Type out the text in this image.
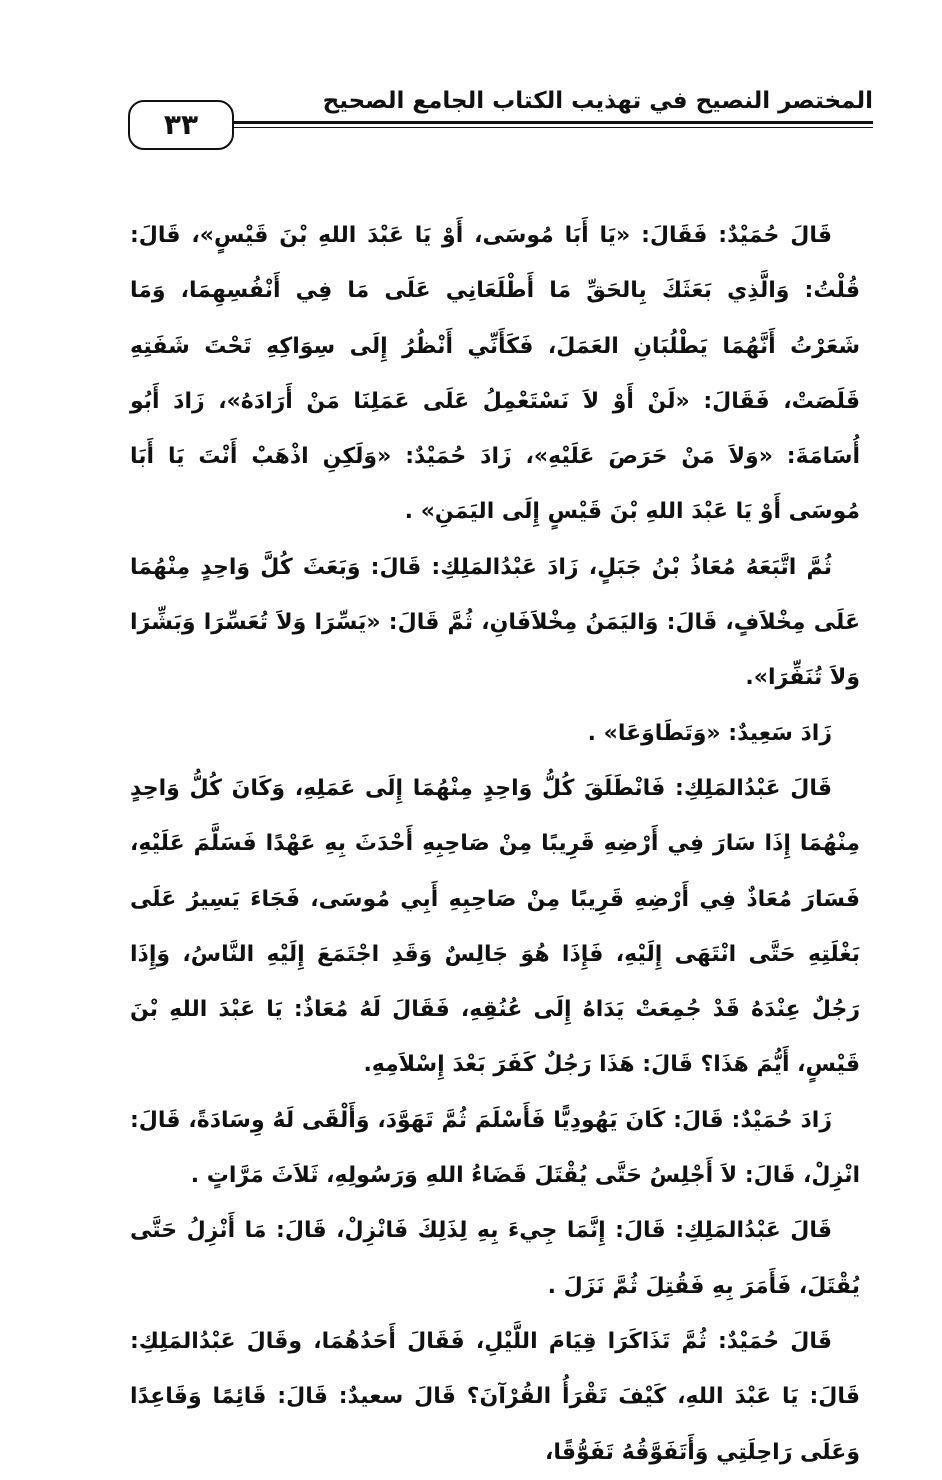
المختصر النصيح في تهذيب الكتاب الجامع الصحيح
٣٣

قَالَ حُمَيْدٌ: فَقَالَ: «يَا أَبَا مُوسَى، أَوْ يَا عَبْدَ اللهِ بْنَ قَيْسٍ»، قَالَ: قُلْتُ: وَالَّذِي بَعَثَكَ بِالحَقِّ مَا أَطْلَعَانِي عَلَى مَا فِي أَنْفُسِهِمَا، وَمَا شَعَرْتُ أَنَّهُمَا يَطْلُبَانِ العَمَلَ، فَكَأَنِّي أَنْظُرُ إِلَى سِوَاكِهِ تَحْتَ شَفَتِهِ قَلَصَتْ، فَقَالَ: «لَنْ أَوْ لاَ نَسْتَعْمِلُ عَلَى عَمَلِنَا مَنْ أَرَادَهُ»، زَادَ أَبُو أُسَامَةَ: «وَلاَ مَنْ حَرَصَ عَلَيْهِ»، زَادَ حُمَيْدٌ: «وَلَكِنِ اذْهَبْ أَنْتَ يَا أَبَا مُوسَى أَوْ يَا عَبْدَ اللهِ بْنَ قَيْسٍ إِلَى اليَمَنِ» .

ثُمَّ اتَّبَعَهُ مُعَاذُ بْنُ جَبَلٍ، زَادَ عَبْدُالمَلِكِ: قَالَ: وَبَعَثَ كُلَّ وَاحِدٍ مِنْهُمَا عَلَى مِخْلاَفٍ، قَالَ: وَاليَمَنُ مِخْلاَفَانِ، ثُمَّ قَالَ: «يَسِّرَا وَلاَ تُعَسِّرَا وَبَشِّرَا وَلاَ تُنَفِّرَا».

زَادَ سَعِيدٌ: «وَتَطَاوَعَا» .

قَالَ عَبْدُالمَلِكِ: فَانْطَلَقَ كُلُّ وَاحِدٍ مِنْهُمَا إِلَى عَمَلِهِ، وَكَانَ كُلُّ وَاحِدٍ مِنْهُمَا إِذَا سَارَ فِي أَرْضِهِ قَرِيبًا مِنْ صَاحِبِهِ أَحْدَثَ بِهِ عَهْدًا فَسَلَّمَ عَلَيْهِ، فَسَارَ مُعَاذٌ فِي أَرْضِهِ قَرِيبًا مِنْ صَاحِبِهِ أَبِي مُوسَى، فَجَاءَ يَسِيرُ عَلَى بَغْلَتِهِ حَتَّى انْتَهَى إِلَيْهِ، فَإِذَا هُوَ جَالِسٌ وَقَدِ اجْتَمَعَ إِلَيْهِ النَّاسُ، وَإِذَا رَجُلٌ عِنْدَهُ قَدْ جُمِعَتْ يَدَاهُ إِلَى عُنُقِهِ، فَقَالَ لَهُ مُعَاذٌ: يَا عَبْدَ اللهِ بْنَ قَيْسٍ، أَيُّمَ هَذَا؟ قَالَ: هَذَا رَجُلٌ كَفَرَ بَعْدَ إِسْلاَمِهِ.

زَادَ حُمَيْدٌ: قَالَ: كَانَ يَهُودِيًّا فَأَسْلَمَ ثُمَّ تَهَوَّدَ، وَأَلْقَى لَهُ وِسَادَةً، قَالَ: انْزِلْ، قَالَ: لاَ أَجْلِسُ حَتَّى يُقْتَلَ قَضَاءُ اللهِ وَرَسُولِهِ، ثَلاَثَ مَرَّاتٍ .

قَالَ عَبْدُالمَلِكِ: قَالَ: إِنَّمَا جِيءَ بِهِ لِذَلِكَ فَانْزِلْ، قَالَ: مَا أَنْزِلُ حَتَّى يُقْتَلَ، فَأَمَرَ بِهِ فَقُتِلَ ثُمَّ نَزَلَ .

قَالَ حُمَيْدٌ: ثُمَّ تَذَاكَرَا قِيَامَ اللَّيْلِ، فَقَالَ أَحَدُهُمَا، وقَالَ عَبْدُالمَلِكِ: قَالَ: يَا عَبْدَ اللهِ، كَيْفَ تَقْرَأُ القُرْآنَ؟ قَالَ سعيدٌ: قَالَ: قَائِمًا وَقَاعِدًا وَعَلَى رَاحِلَتِي وَأَتَفَوَّقُهُ تَفَوُّقًا،
